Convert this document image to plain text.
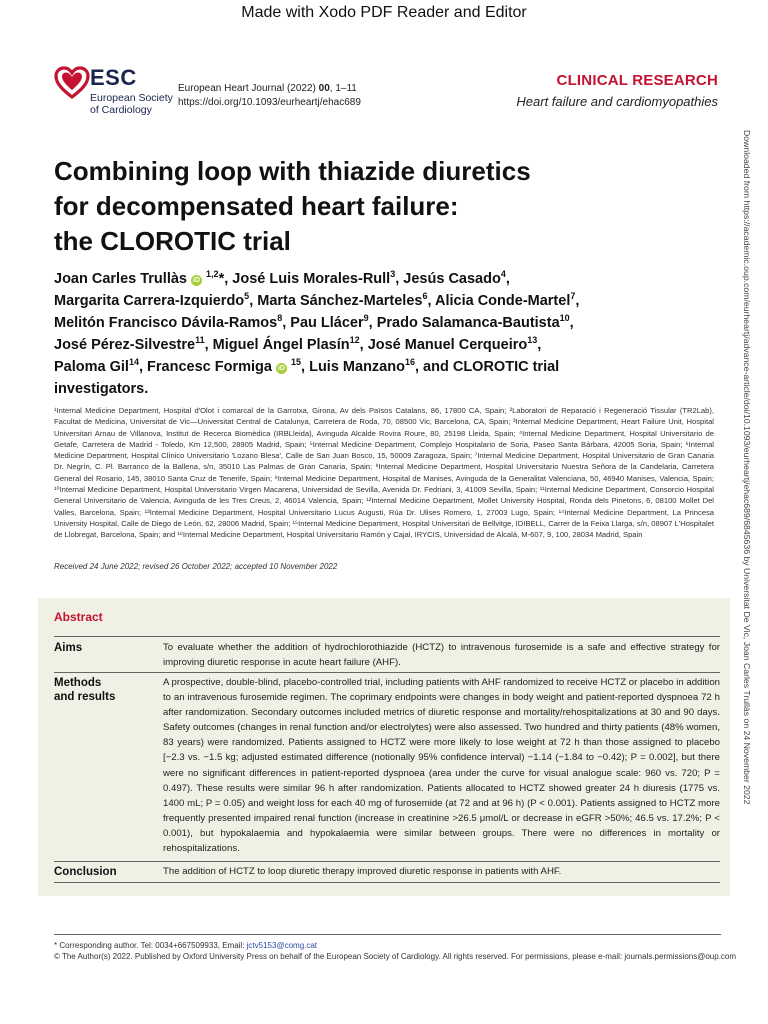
Made with Xodo PDF Reader and Editor
ESC
European Society
of Cardiology
European Heart Journal (2022) 00, 1–11
https://doi.org/10.1093/eurheartj/ehac689
CLINICAL RESEARCH
Heart failure and cardiomyopathies
Combining loop with thiazide diuretics
for decompensated heart failure:
the CLOROTIC trial
Joan Carles Trullàs iD $^{1,2}$*, José Luis Morales-Rull$^3$, Jesús Casado$^4$,
Margarita Carrera-Izquierdo$^5$, Marta Sánchez-Marteles$^6$, Alicia Conde-Martel$^7$,
Melitón Francisco Dávila-Ramos$^8$, Pau Llácer$^9$, Prado Salamanca-Bautista$^{10}$,
José Pérez-Silvestre$^{11}$, Miguel Ángel Plasín$^{12}$, José Manuel Cerqueiro$^{13}$,
Paloma Gil$^{14}$, Francesc Formiga iD $^{15}$, Luis Manzano$^{16}$, and CLOROTIC trial
investigators.
¹Internal Medicine Department, Hospital d'Olot i comarcal de la Garrotxa, Girona, Av dels Països Catalans, 86, 17800 CA, Spain; ²Laboratori de Reparació i Regeneració Tissular (TR2Lab), Facultat de Medicina, Universitat de Vic—Universitat Central de Catalunya, Carretera de Roda, 70, 08500 Vic, Barcelona, CA, Spain; ³Internal Medicine Department, Heart Failure Unit, Hospital Universitari Arnau de Villanova, Institut de Recerca Biomèdica (IRBLleida), Avinguda Alcalde Rovira Roure, 80, 25198 Lleida, Spain; ⁴Internal Medicine Department, Hospital Universitario de Getafe, Carretera de Madrid - Toledo, Km 12,500, 28905 Madrid, Spain; ⁵Internal Medicine Department, Complejo Hospitalario de Soria, Paseo Santa Bárbara, 42005 Soria, Spain; ⁶Internal Medicine Department, Hospital Clínico Universitario 'Lozano Blesa', Calle de San Juan Bosco, 15, 50009 Zaragoza, Spain; ⁷Internal Medicine Department, Hospital Universitario de Gran Canaria Dr. Negrín, C. Pl. Barranco de la Ballena, s/n, 35010 Las Palmas de Gran Canaria, Spain; ⁸Internal Medicine Department, Hospital Universitario Nuestra Señora de la Candelaria, Carretera General del Rosario, 145, 38010 Santa Cruz de Tenerife, Spain; ⁹Internal Medicine Department, Hospital de Manises, Avinguda de la Generalitat Valenciana, 50, 46940 Manises, Valencia, Spain; ¹⁰Internal Medicine Department, Hospital Universitario Virgen Macarena, Universidad de Sevilla, Avenida Dr. Fedriani, 3, 41009 Sevilla, Spain; ¹¹Internal Medicine Department, Consorcio Hospital General Universitario de Valencia, Avinguda de les Tres Creus, 2, 46014 Valencia, Spain; ¹²Internal Medicine Department, Mollet University Hospital, Ronda dels Pinetons, 6, 08100 Mollet Del Valles, Barcelona, Spain; ¹³Internal Medicine Department, Hospital Universitario Lucus Augusti, Rúa Dr. Ulises Romero, 1, 27003 Lugo, Spain; ¹⁴Internal Medicine Department, La Princesa University Hospital, Calle de Diego de León, 62, 28006 Madrid, Spain; ¹⁵Internal Medicine Department, Hospital Universitari de Bellvitge, IDIBELL, Carrer de la Feixa Llarga, s/n, 08907 L'Hospitalet de Llobregat, Barcelona, Spain; and ¹⁶Internal Medicine Department, Hospital Universitario Ramón y Cajal, IRYCIS, Universidad de Alcalá, M-607, 9, 100, 28034 Madrid, Spain
Received 24 June 2022; revised 26 October 2022; accepted 10 November 2022
Abstract
Aims	To evaluate whether the addition of hydrochlorothiazide (HCTZ) to intravenous furosemide is a safe and effective strategy for improving diuretic response in acute heart failure (AHF).
Methods
and results
A prospective, double-blind, placebo-controlled trial, including patients with AHF randomized to receive HCTZ or placebo in addition to an intravenous furosemide regimen. The coprimary endpoints were changes in body weight and patient-reported dyspnoea 72 h after randomization. Secondary outcomes included metrics of diuretic response and mortality/rehospitalizations at 30 and 90 days. Safety outcomes (changes in renal function and/or electrolytes) were also assessed. Two hundred and thirty patients (48% women, 83 years) were randomized. Patients assigned to HCTZ were more likely to lose weight at 72 h than those assigned to placebo [−2.3 vs. −1.5 kg; adjusted estimated difference (notionally 95% confidence interval) −1.14 (−1.84 to −0.42); P = 0.002], but there were no significant differences in patient-reported dyspnoea (area under the curve for visual analogue scale: 960 vs. 720; P = 0.497). These results were similar 96 h after randomization. Patients allocated to HCTZ showed greater 24 h diuresis (1775 vs. 1400 mL; P = 0.05) and weight loss for each 40 mg of furosemide (at 72 and at 96 h) (P < 0.001). Patients assigned to HCTZ more frequently presented impaired renal function (increase in creatinine >26.5 μmol/L or decrease in eGFR >50%; 46.5 vs. 17.2%; P < 0.001), but hypokalaemia and hypokalaemia were similar between groups. There were no differences in mortality or rehospitalizations.
Conclusion	The addition of HCTZ to loop diuretic therapy improved diuretic response in patients with AHF.
Downloaded from https://academic.oup.com/eurheartj/advance-article/doi/10.1093/eurheartj/ehac689/6845636 by Universitat De Vic, Joan Carles Trullàs on 24 November 2022
* Corresponding author. Tel: 0034+667509933, Email: jctv5153@comg.cat
© The Author(s) 2022. Published by Oxford University Press on behalf of the European Society of Cardiology. All rights reserved. For permissions, please e-mail: journals.permissions@oup.com
